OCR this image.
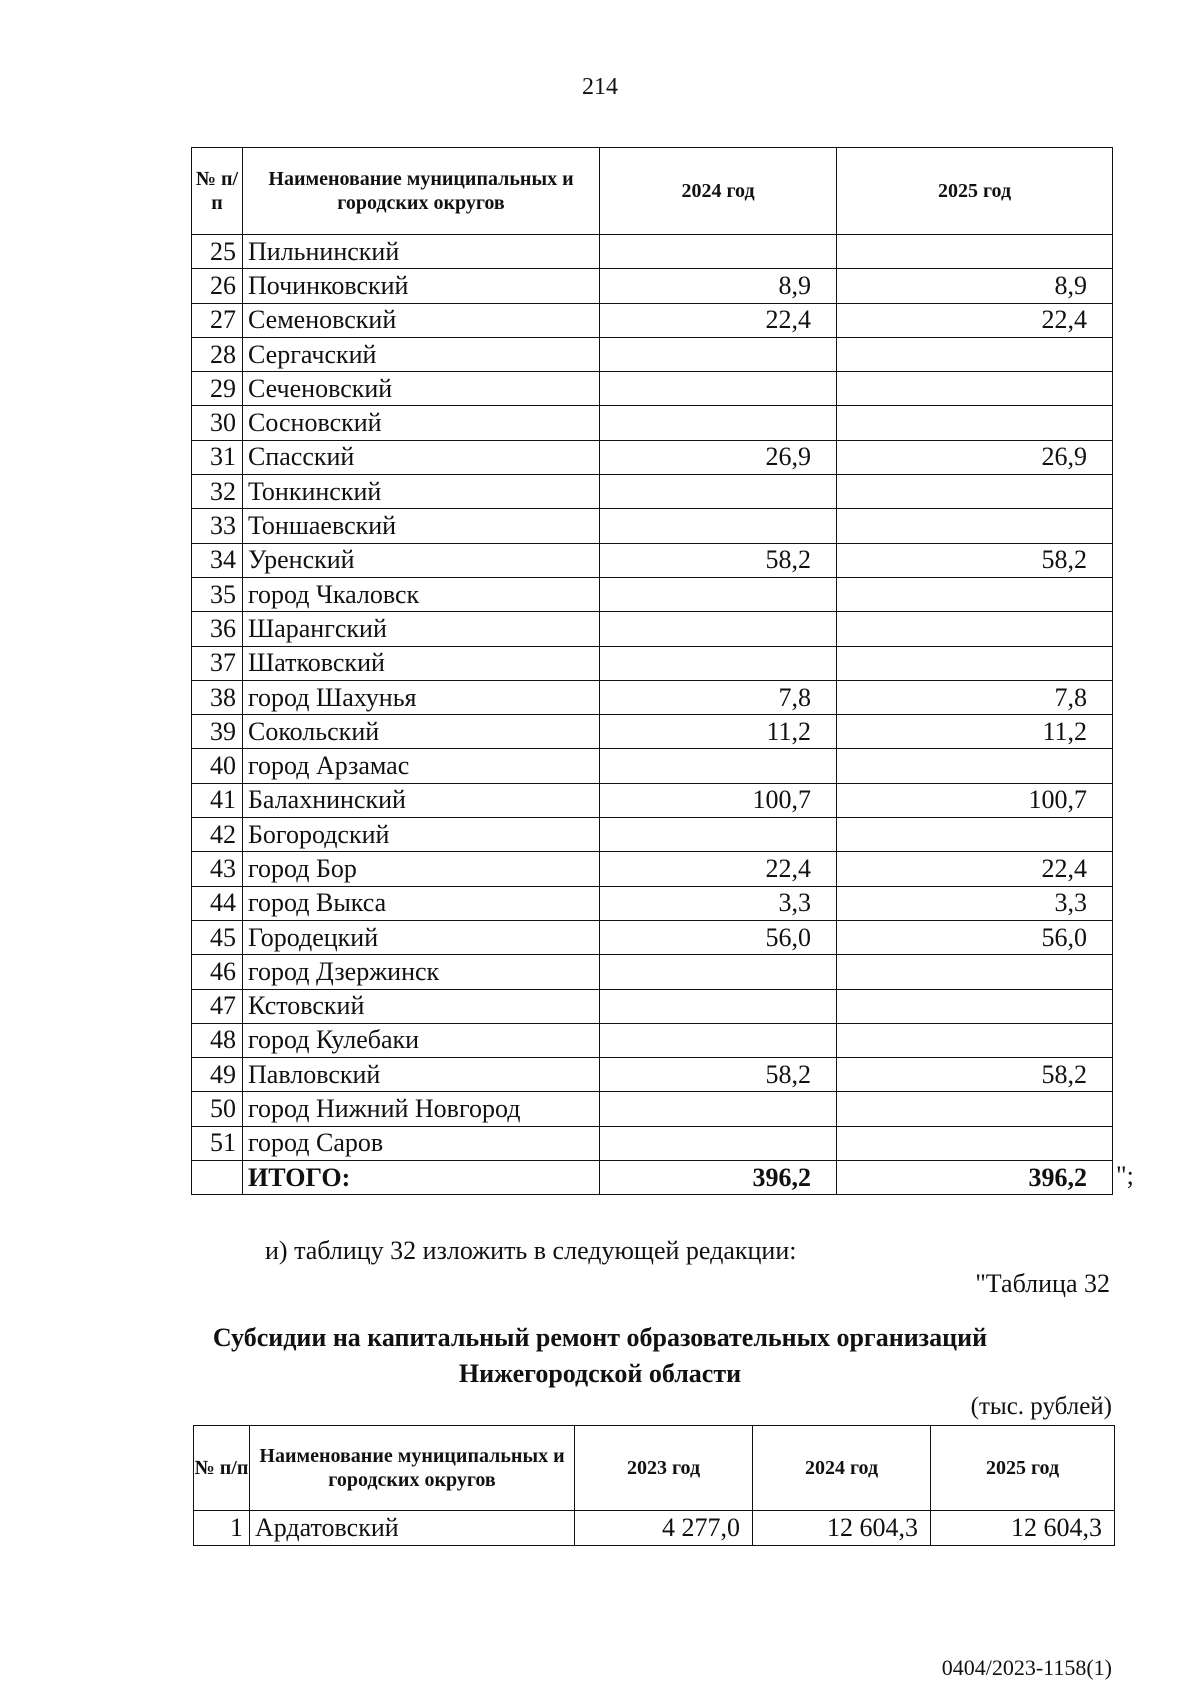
214
№ п/п	Наименование муниципальных и городских округов	2024 год	2025 год
25	Пильнинский		
26	Починковский	8,9	8,9
27	Семеновский	22,4	22,4
28	Сергачский		
29	Сеченовский		
30	Сосновский		
31	Спасский	26,9	26,9
32	Тонкинский		
33	Тоншаевский		
34	Уренский	58,2	58,2
35	город Чкаловск		
36	Шарангский		
37	Шатковский		
38	город Шахунья	7,8	7,8
39	Сокольский	11,2	11,2
40	город Арзамас		
41	Балахнинский	100,7	100,7
42	Богородский		
43	город Бор	22,4	22,4
44	город Выкса	3,3	3,3
45	Городецкий	56,0	56,0
46	город Дзержинск		
47	Кстовский		
48	город Кулебаки		
49	Павловский	58,2	58,2
50	город Нижний Новгород		
51	город Саров		
	ИТОГО:	396,2	396,2 ";
и) таблицу 32 изложить в следующей редакции:
"Таблица 32
Субсидии на капитальный ремонт образовательных организаций
Нижегородской области
(тыс. рублей)
№ п/п	Наименование муниципальных и городских округов	2023 год	2024 год	2025 год
1	Ардатовский	4 277,0	12 604,3	12 604,3
0404/2023-1158(1)
